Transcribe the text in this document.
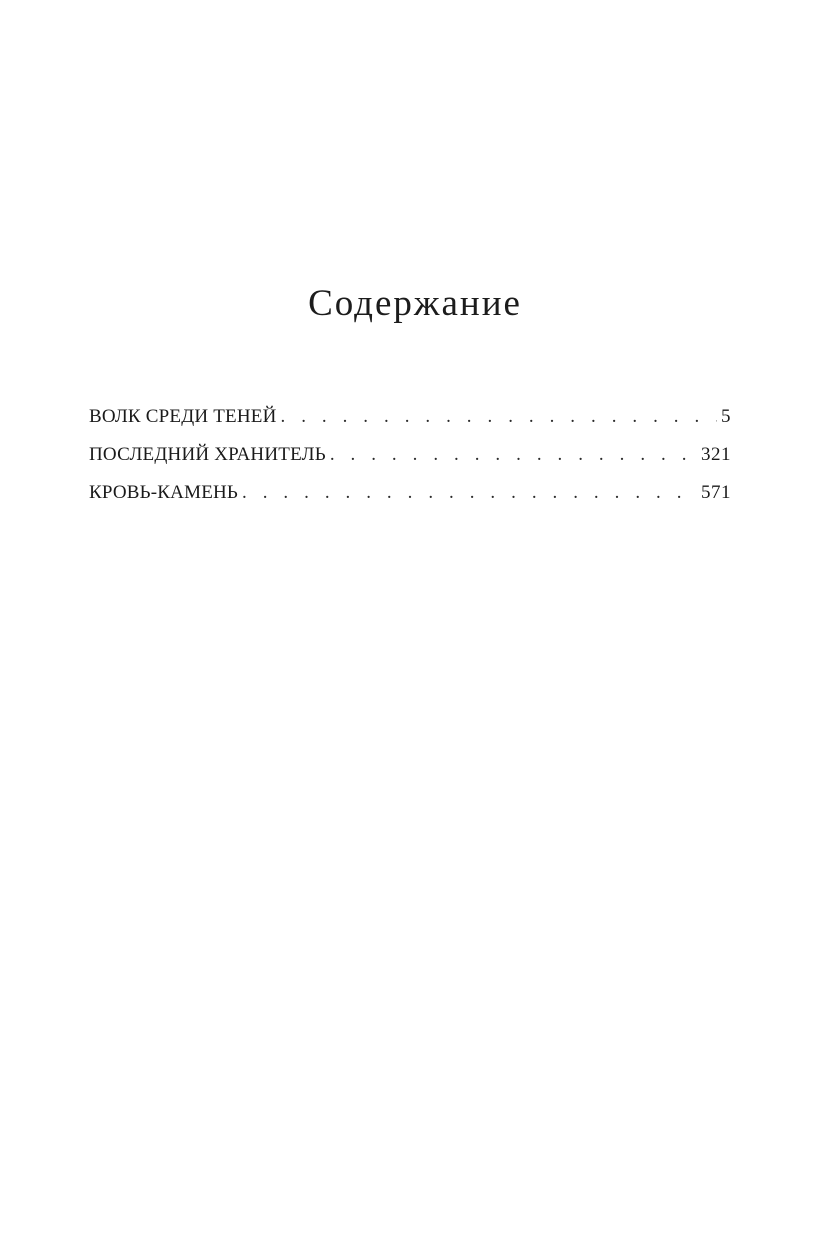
Содержание
ВОЛК СРЕДИ ТЕНЕЙ . . .	5
ПОСЛЕДНИЙ ХРАНИТЕЛЬ . . .	321
КРОВЬ-КАМЕНЬ . . .	571
